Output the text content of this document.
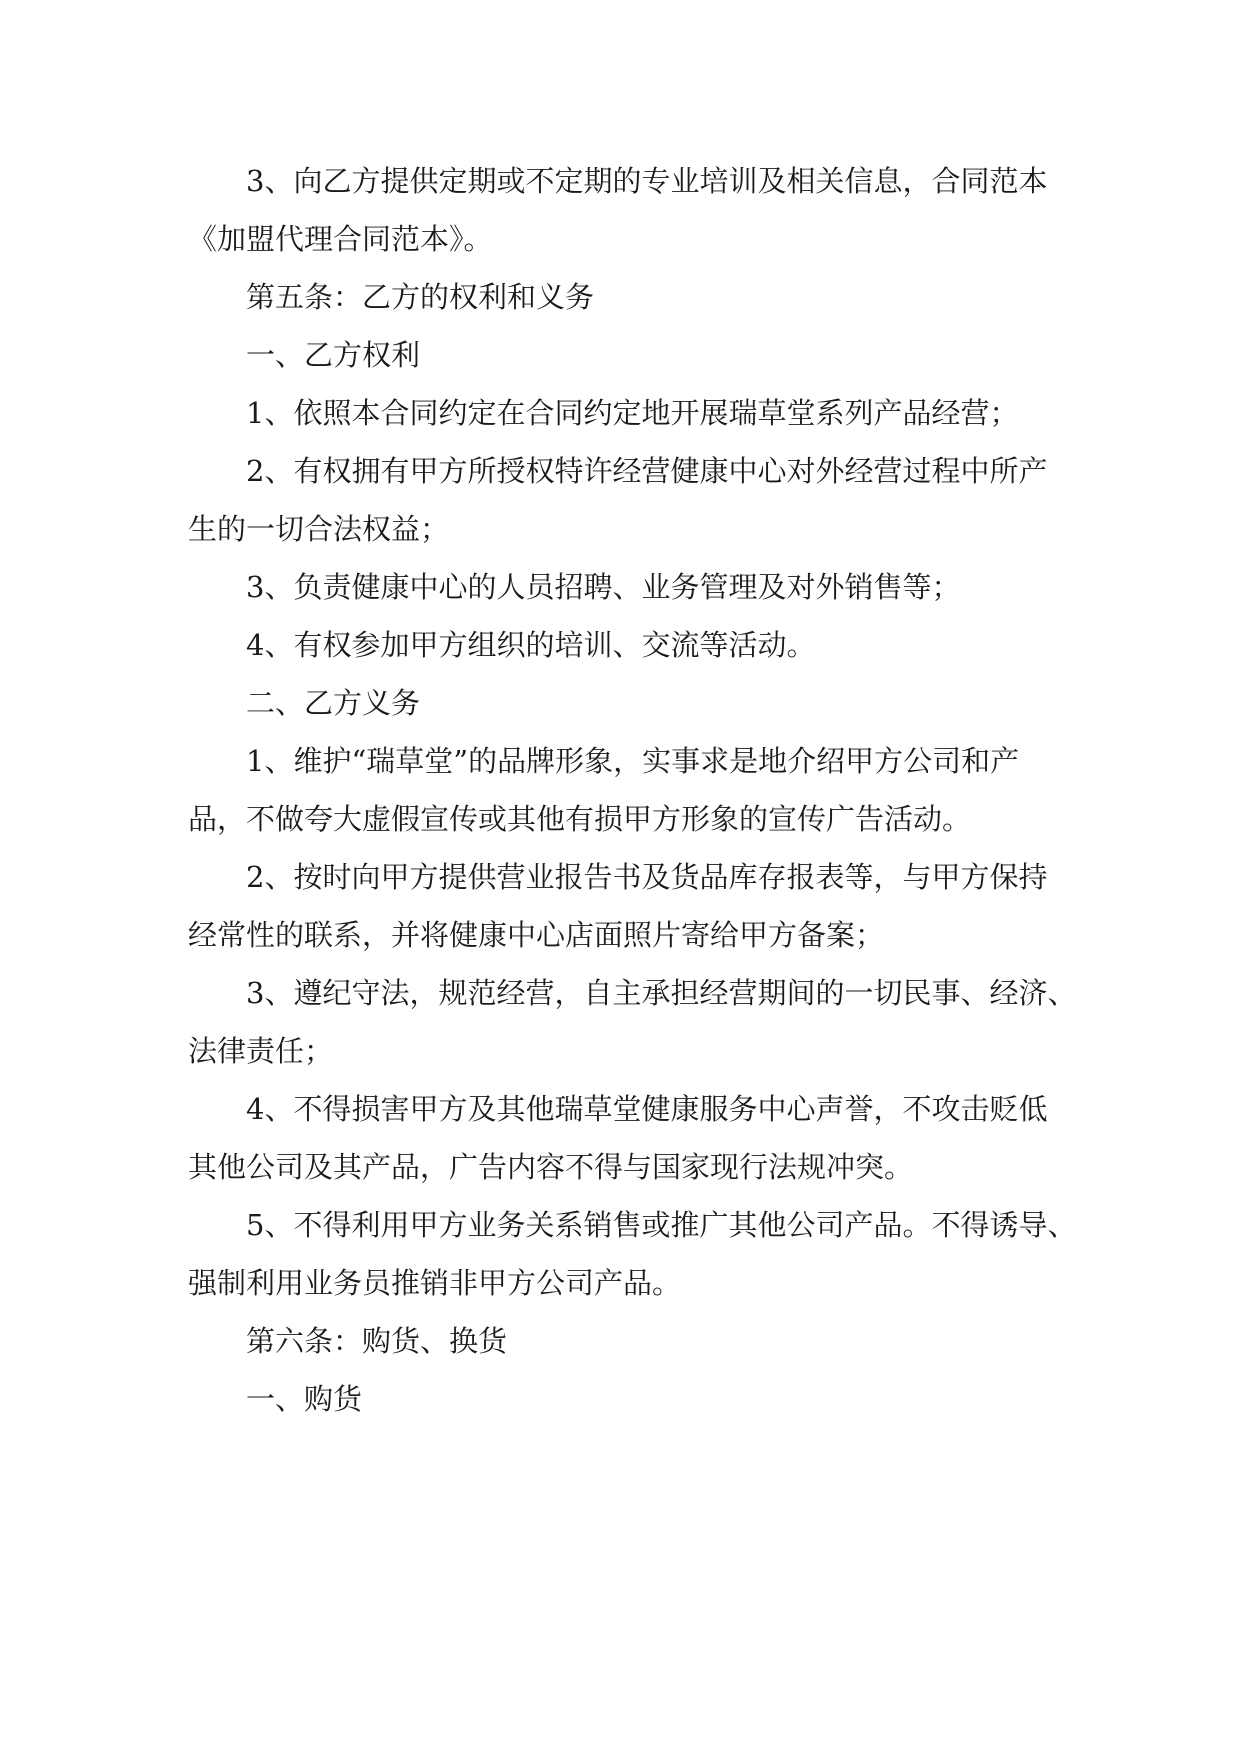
3、向乙方提供定期或不定期的专业培训及相关信息，合同范本
《加盟代理合同范本》。
第五条：乙方的权利和义务
一、乙方权利
1、依照本合同约定在合同约定地开展瑞草堂系列产品经营；
2、有权拥有甲方所授权特许经营健康中心对外经营过程中所产
生的一切合法权益；
3、负责健康中心的人员招聘、业务管理及对外销售等；
4、有权参加甲方组织的培训、交流等活动。
二、乙方义务
1、维护“瑞草堂”的品牌形象，实事求是地介绍甲方公司和产
品，不做夸大虚假宣传或其他有损甲方形象的宣传广告活动。
2、按时向甲方提供营业报告书及货品库存报表等，与甲方保持
经常性的联系，并将健康中心店面照片寄给甲方备案；
3、遵纪守法，规范经营，自主承担经营期间的一切民事、经济、
法律责任；
4、不得损害甲方及其他瑞草堂健康服务中心声誉，不攻击贬低
其他公司及其产品，广告内容不得与国家现行法规冲突。
5、不得利用甲方业务关系销售或推广其他公司产品。不得诱导、
强制利用业务员推销非甲方公司产品。
第六条：购货、换货
一、购货
